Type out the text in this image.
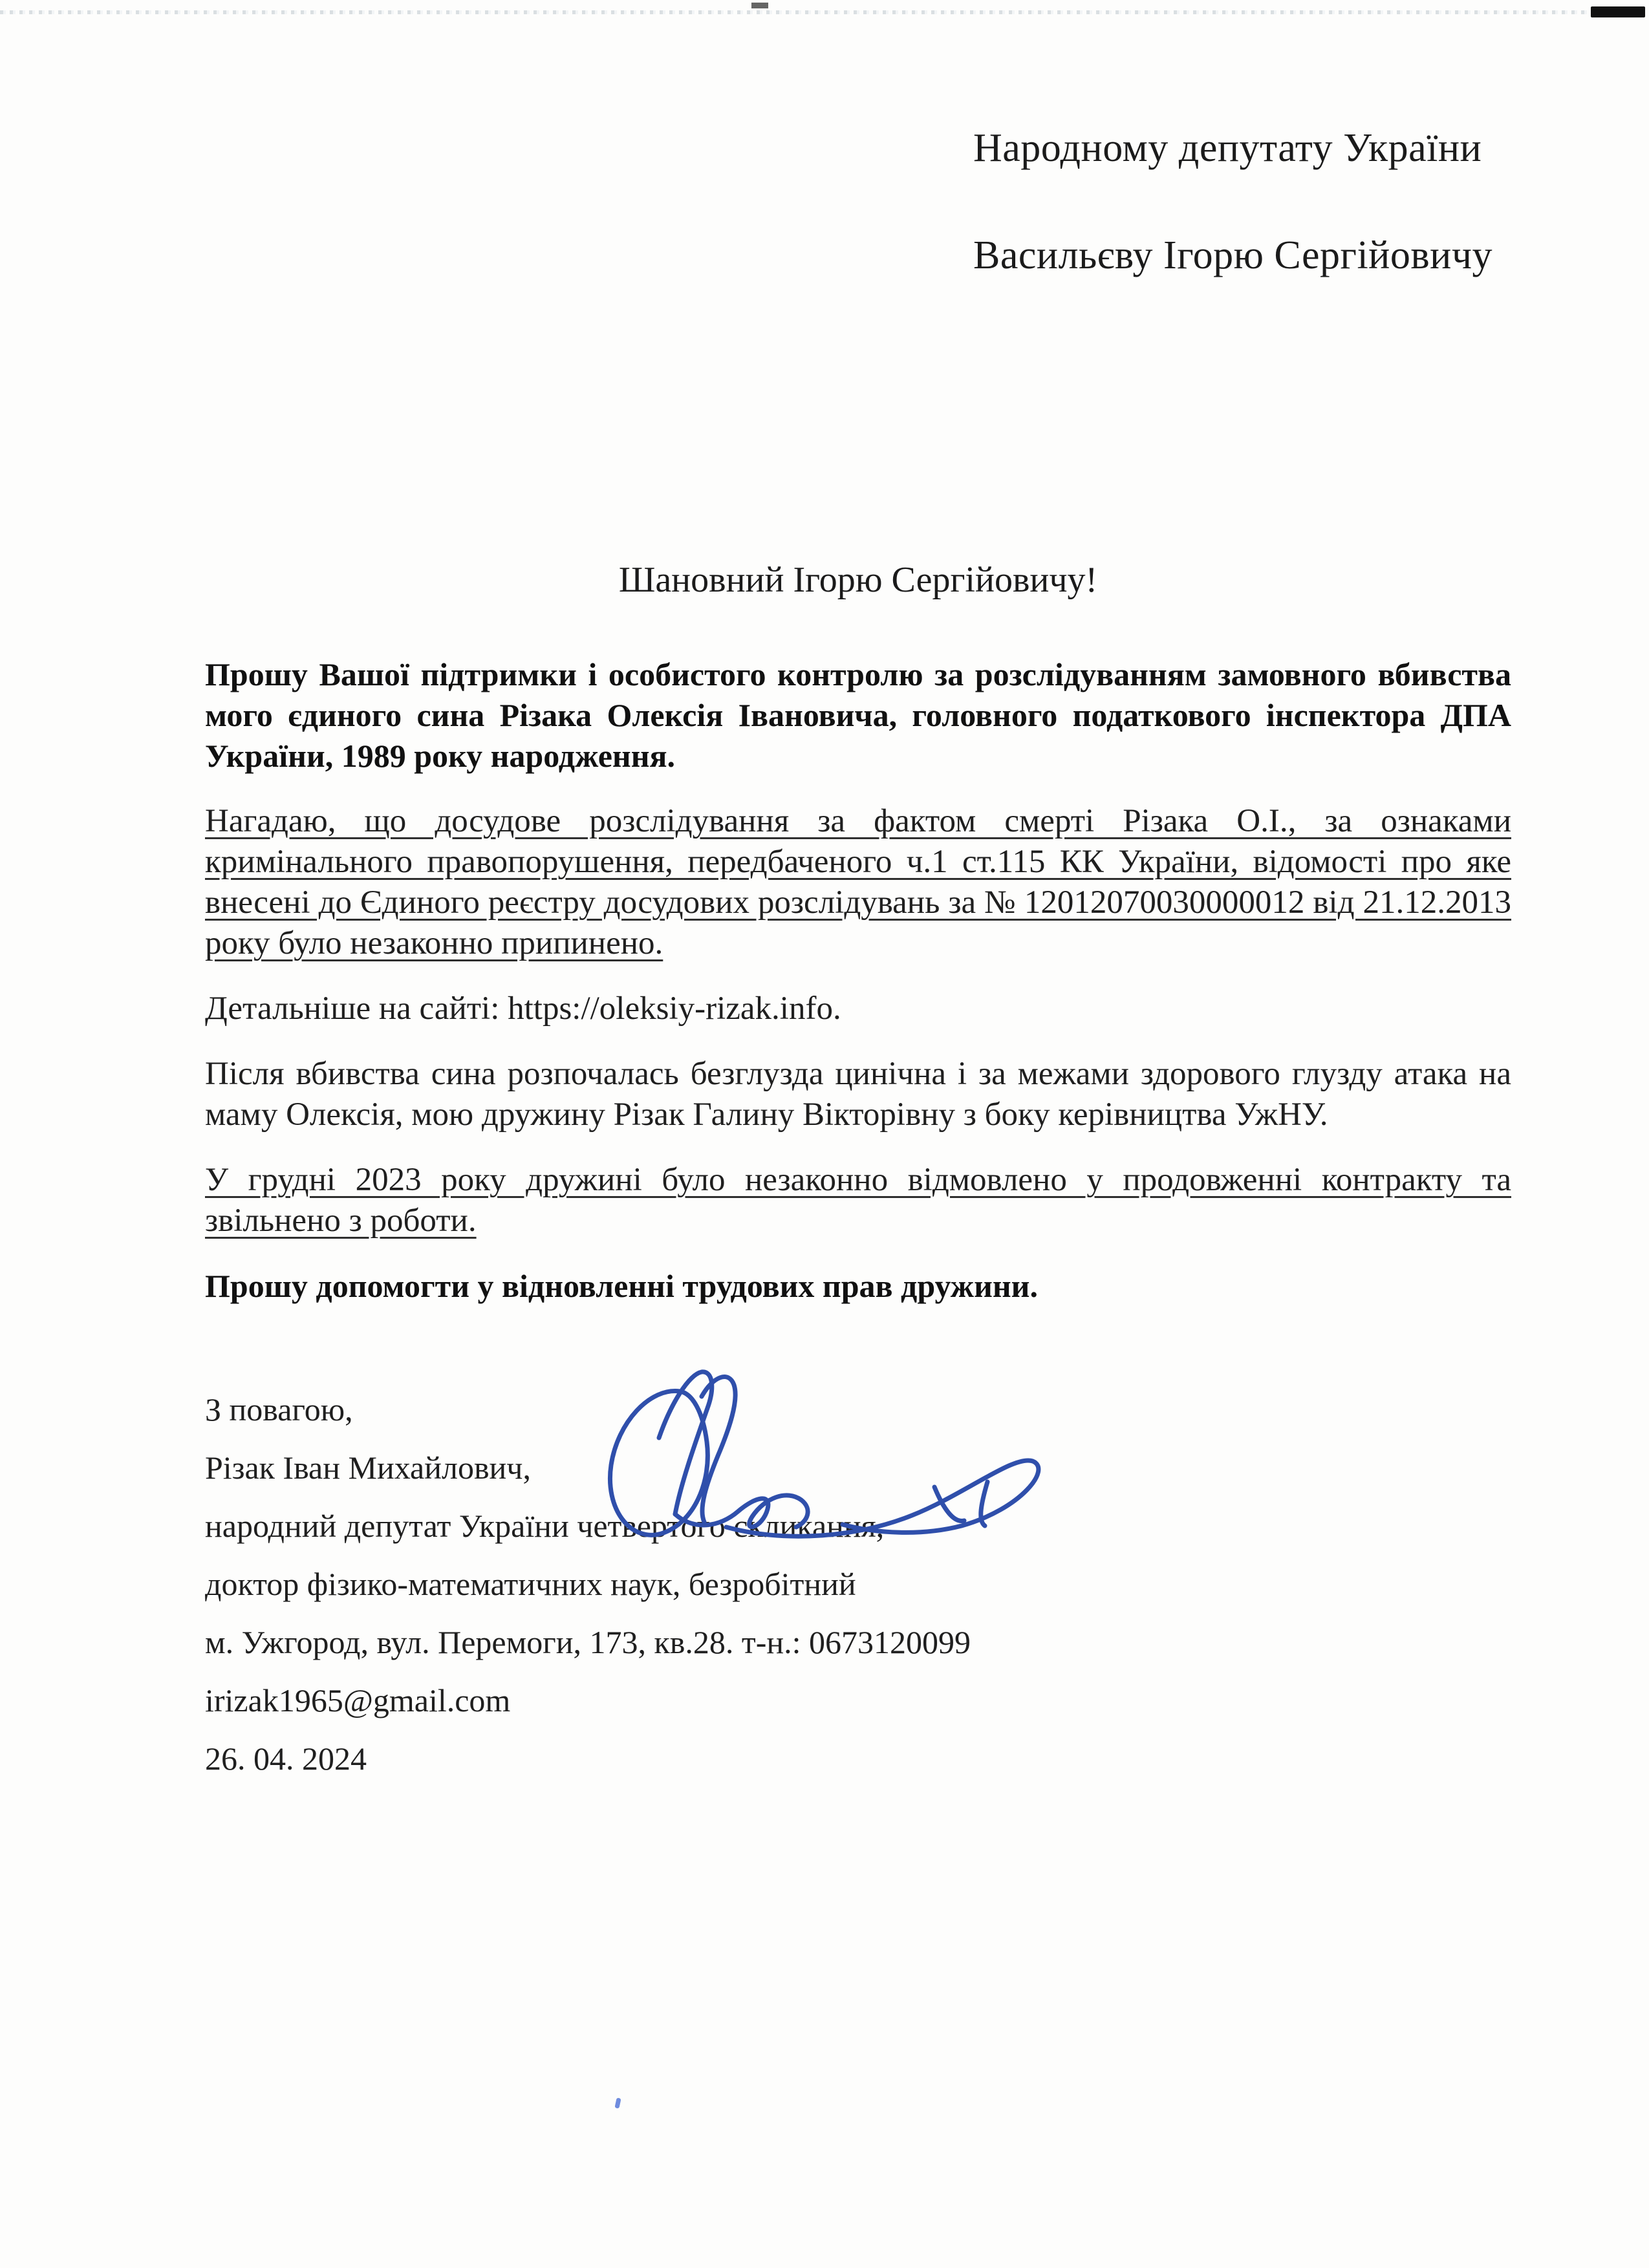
Народному депутату України
Васильєву Ігорю Сергійовичу
Шановний Ігорю Сергійовичу!

Прошу Вашої підтримки і особистого контролю за розслідуванням замовного вбивства мого єдиного сина Різака Олексія Івановича, головного податкового інспектора ДПА України, 1989 року народження.

Нагадаю, що досудове розслідування за фактом смерті Різака О.І., за ознаками кримінального правопорушення, передбаченого ч.1 ст.115 КК України, відомості про яке внесені до Єдиного реєстру досудових розслідувань за № 12012070030000012 від 21.12.2013 року було незаконно припинено.

Детальніше на сайті: https://oleksiy-rizak.info.

Після вбивства сина розпочалась безглузда цинічна і за межами здорового глузду атака на маму Олексія, мою дружину Різак Галину Вікторівну з боку керівництва УжНУ.

У грудні 2023 року дружині було незаконно відмовлено у продовженні контракту та звільнено з роботи.

Прошу допомогти у відновленні трудових прав дружини.

З повагою,
Різак Іван Михайлович,
народний депутат України четвертого скликання,
доктор фізико-математичних наук, безробітний
м. Ужгород, вул. Перемоги, 173, кв.28. т-н.: 0673120099
irizak1965@gmail.com
26. 04. 2024
